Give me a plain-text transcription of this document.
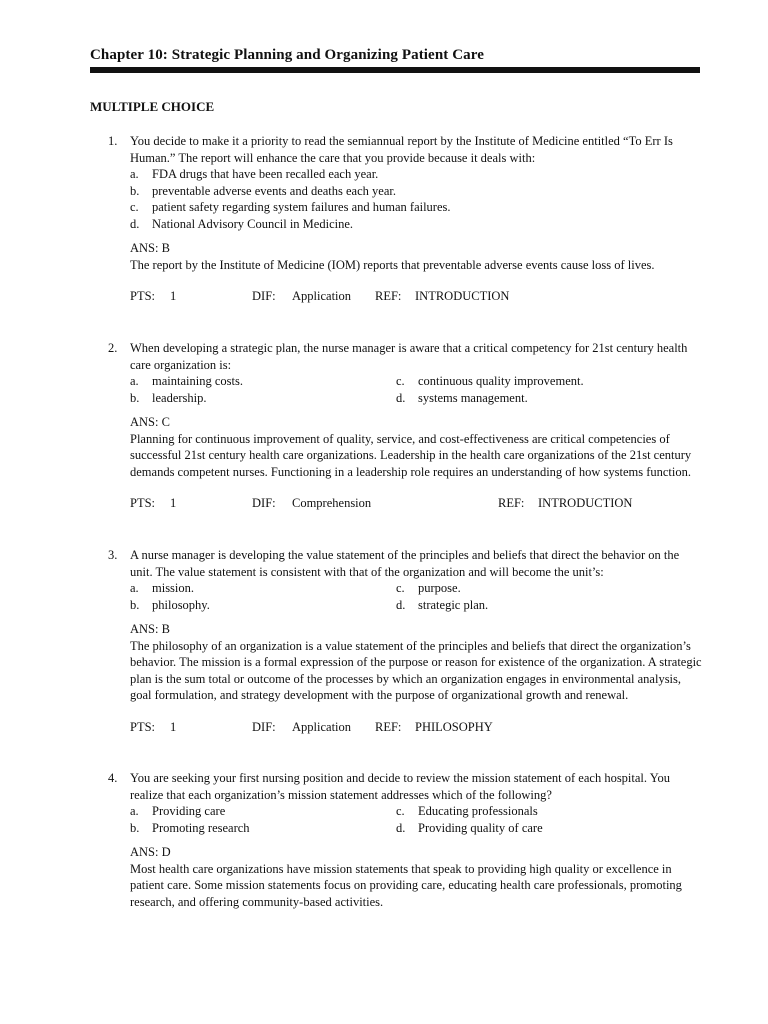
Chapter 10: Strategic Planning and Organizing Patient Care
MULTIPLE CHOICE
1. You decide to make it a priority to read the semiannual report by the Institute of Medicine entitled “To Err Is Human.” The report will enhance the care that you provide because it deals with:
a. FDA drugs that have been recalled each year.
b. preventable adverse events and deaths each year.
c. patient safety regarding system failures and human failures.
d. National Advisory Council in Medicine.
ANS: B
The report by the Institute of Medicine (IOM) reports that preventable adverse events cause loss of lives.
PTS: 1	DIF: Application REF: INTRODUCTION
2. When developing a strategic plan, the nurse manager is aware that a critical competency for 21st century health care organization is:
a. maintaining costs.
b. leadership.
c. continuous quality improvement.
d. systems management.
ANS: C
Planning for continuous improvement of quality, service, and cost-effectiveness are critical competencies of successful 21st century health care organizations. Leadership in the health care organizations of the 21st century demands competent nurses. Functioning in a leadership role requires an understanding of how systems function.
PTS: 1	DIF: Comprehension	REF: INTRODUCTION
3. A nurse manager is developing the value statement of the principles and beliefs that direct the behavior on the unit. The value statement is consistent with that of the organization and will become the unit’s:
a. mission.
b. philosophy.
c. purpose.
d. strategic plan.
ANS: B
The philosophy of an organization is a value statement of the principles and beliefs that direct the organization’s behavior. The mission is a formal expression of the purpose or reason for existence of the organization. A strategic plan is the sum total or outcome of the processes by which an organization engages in environmental analysis, goal formulation, and strategy development with the purpose of organizational growth and renewal.
PTS: 1	DIF: Application REF: PHILOSOPHY
4. You are seeking your first nursing position and decide to review the mission statement of each hospital. You realize that each organization’s mission statement addresses which of the following?
a. Providing care
b. Promoting research
c. Educating professionals
d. Providing quality of care
ANS: D
Most health care organizations have mission statements that speak to providing high quality or excellence in patient care. Some mission statements focus on providing care, educating health care professionals, promoting research, and offering community-based activities.
